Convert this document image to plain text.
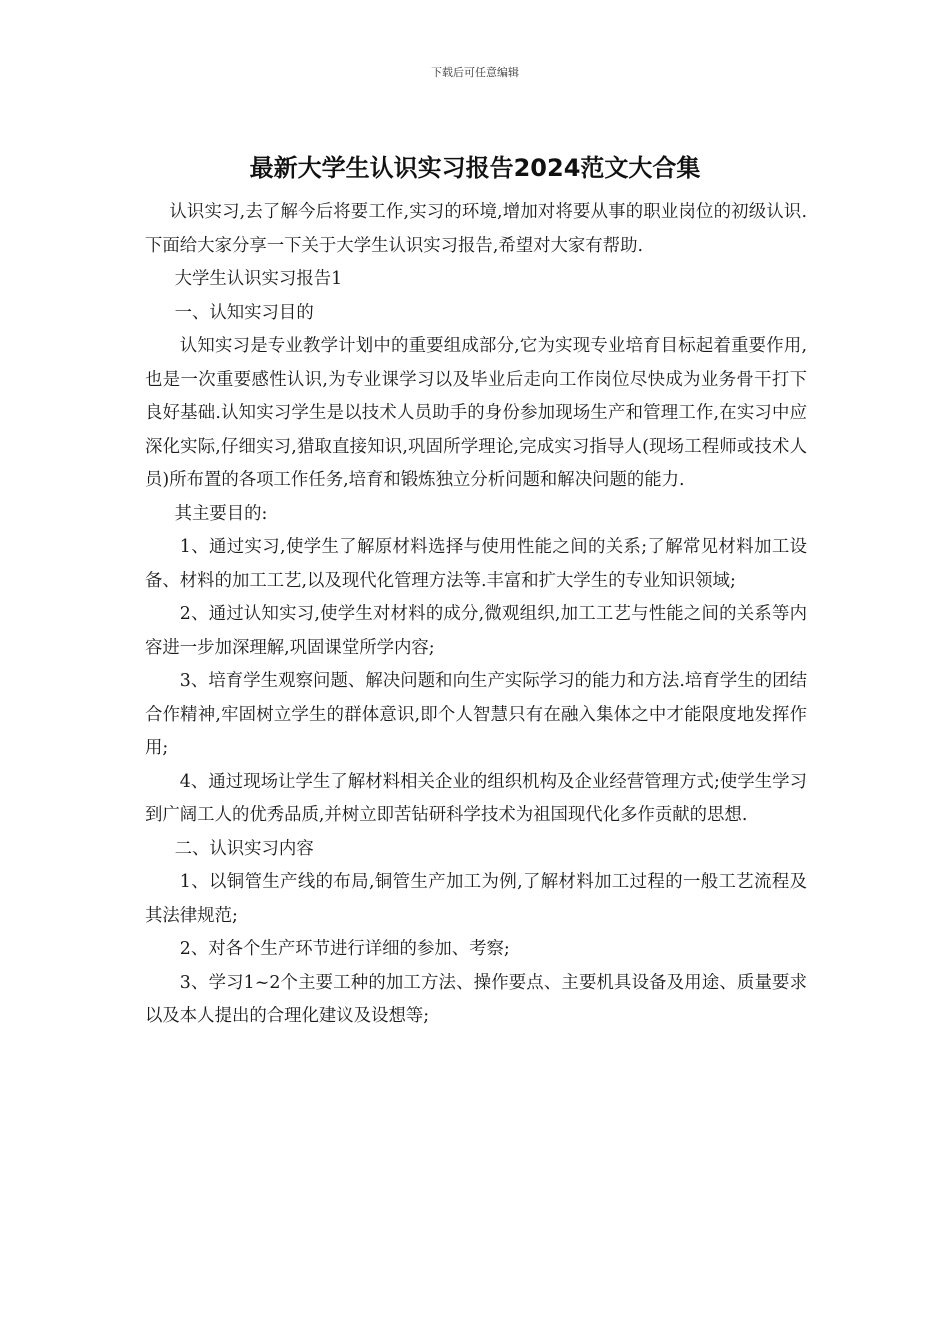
下载后可任意编辑
最新大学生认识实习报告2024范文大合集

认识实习,去了解今后将要工作,实习的环境,增加对将要从事的职业岗位的初级认识.下面给大家分享一下关于大学生认识实习报告,希望对大家有帮助.

大学生认识实习报告1

一、认知实习目的

认知实习是专业教学计划中的重要组成部分,它为实现专业培育目标起着重要作用,也是一次重要感性认识,为专业课学习以及毕业后走向工作岗位尽快成为业务骨干打下良好基础.认知实习学生是以技术人员助手的身份参加现场生产和管理工作,在实习中应深化实际,仔细实习,猎取直接知识,巩固所学理论,完成实习指导人(现场工程师或技术人员)所布置的各项工作任务,培育和锻炼独立分析问题和解决问题的能力.

其主要目的:

1、通过实习,使学生了解原材料选择与使用性能之间的关系;了解常见材料加工设备、材料的加工工艺,以及现代化管理方法等.丰富和扩大学生的专业知识领域;

2、通过认知实习,使学生对材料的成分,微观组织,加工工艺与性能之间的关系等内容进一步加深理解,巩固课堂所学内容;

3、培育学生观察问题、解决问题和向生产实际学习的能力和方法.培育学生的团结合作精神,牢固树立学生的群体意识,即个人智慧只有在融入集体之中才能限度地发挥作用;

4、通过现场让学生了解材料相关企业的组织机构及企业经营管理方式;使学生学习到广阔工人的优秀品质,并树立即苦钻研科学技术为祖国现代化多作贡献的思想.

二、认识实习内容

1、以铜管生产线的布局,铜管生产加工为例,了解材料加工过程的一般工艺流程及其法律规范;

2、对各个生产环节进行详细的参加、考察;

3、学习1~2个主要工种的加工方法、操作要点、主要机具设备及用途、质量要求以及本人提出的合理化建议及设想等;
